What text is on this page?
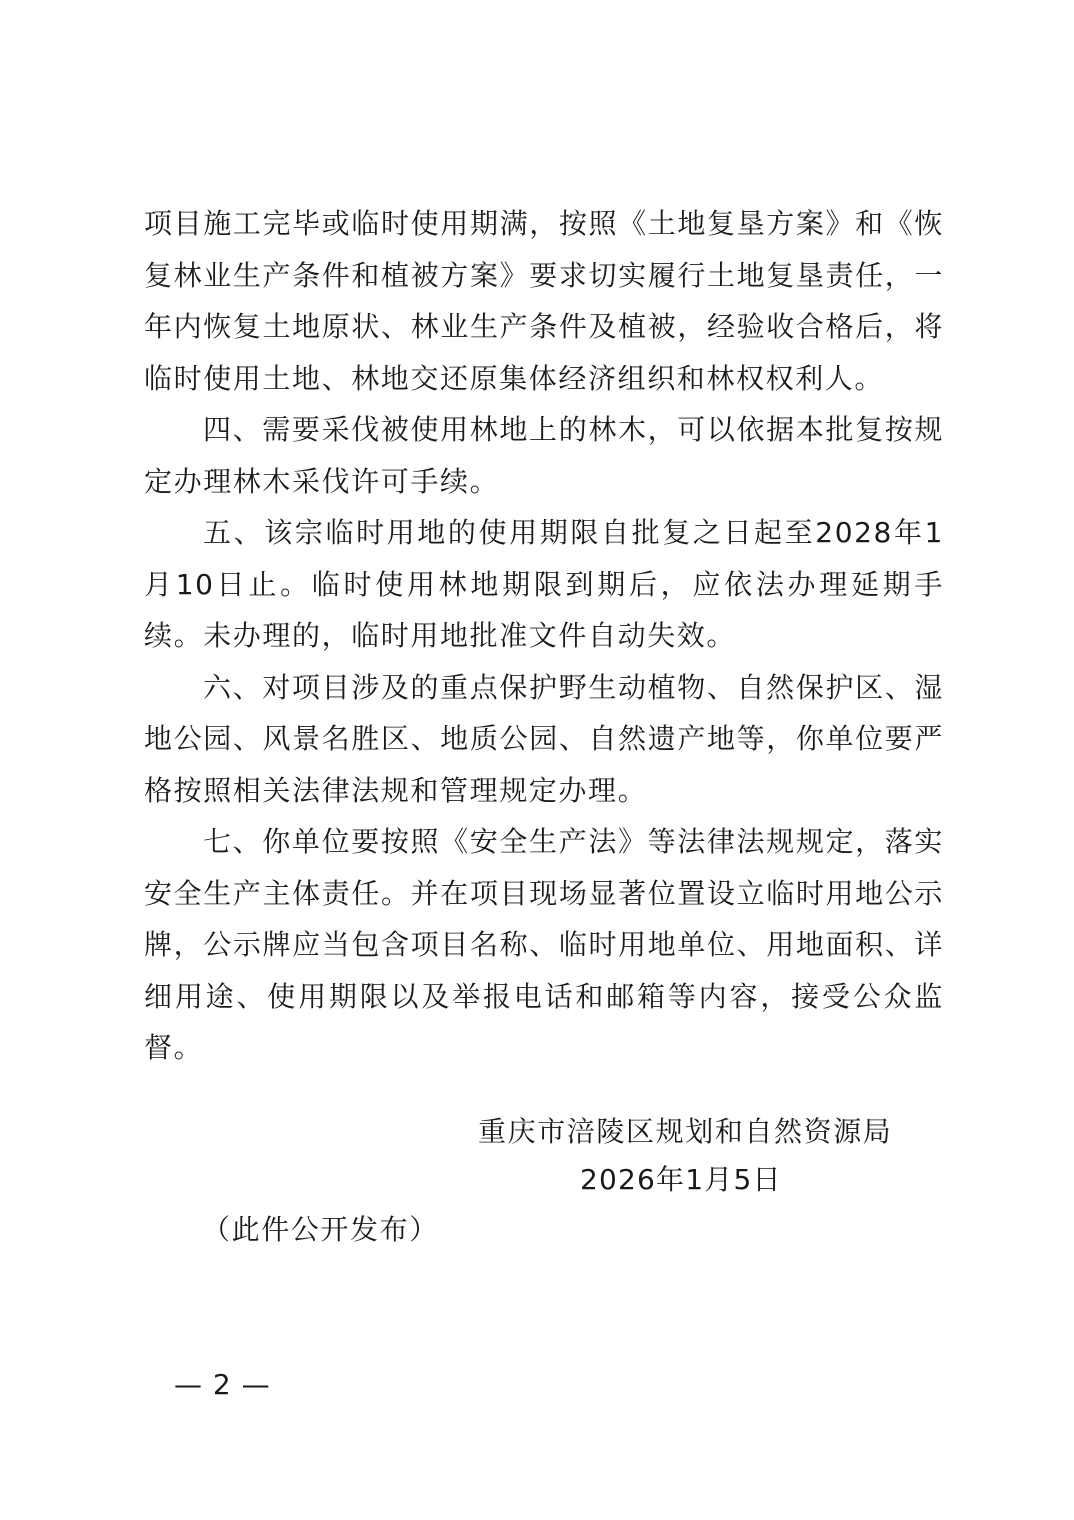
项目施工完毕或临时使用期满，按照《土地复垦方案》和《恢复林业生产条件和植被方案》要求切实履行土地复垦责任，一年内恢复土地原状、林业生产条件及植被，经验收合格后，将临时使用土地、林地交还原集体经济组织和林权权利人。

四、需要采伐被使用林地上的林木，可以依据本批复按规定办理林木采伐许可手续。

五、该宗临时用地的使用期限自批复之日起至2028年1月10日止。临时使用林地期限到期后，应依法办理延期手续。未办理的，临时用地批准文件自动失效。

六、对项目涉及的重点保护野生动植物、自然保护区、湿地公园、风景名胜区、地质公园、自然遗产地等，你单位要严格按照相关法律法规和管理规定办理。

七、你单位要按照《安全生产法》等法律法规规定，落实安全生产主体责任。并在项目现场显著位置设立临时用地公示牌，公示牌应当包含项目名称、临时用地单位、用地面积、详细用途、使用期限以及举报电话和邮箱等内容，接受公众监督。

重庆市涪陵区规划和自然资源局
2026年1月5日
（此件公开发布）
— 2 —
